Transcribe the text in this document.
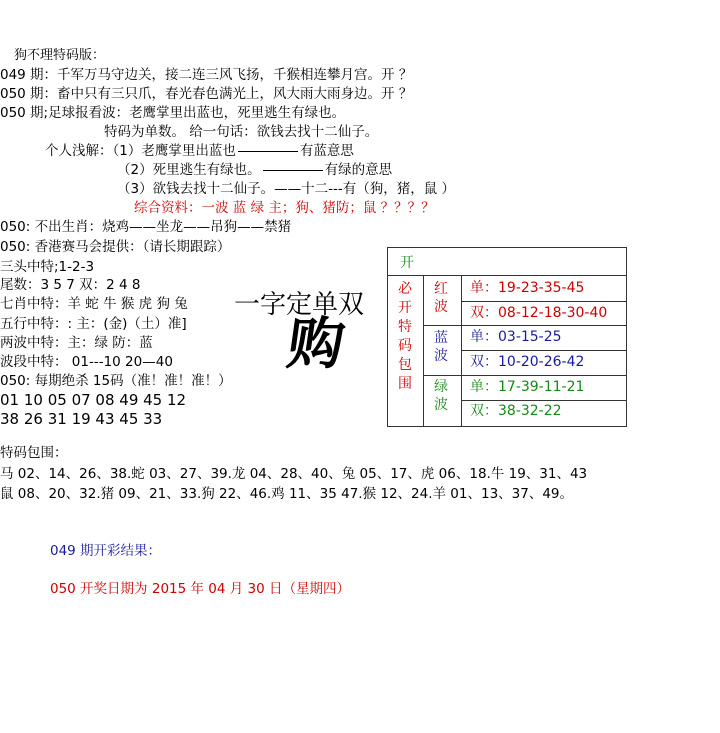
狗不理特码版：
049 期：千军万马守边关，接二连三风飞扬，千猴相连攀月宫。开 ？
050 期：畜中只有三只爪，春光春色满光上，风大雨大雨身边。开 ？
050 期;足球报看波：老鹰掌里出蓝也，死里逃生有绿也。
特码为单数。 给一句话：欲钱去找十二仙子。
个人浅解：（1）老鹰掌里出蓝也	有蓝意思
（2）死里逃生有绿也。	有绿的意思
（3）欲钱去找十二仙子。——十二---有（狗，猪，鼠 ）
综合资料：一波 蓝 绿 主；狗、猪防；鼠 ？？？？
050: 不出生肖：烧鸡——坐龙——吊狗——禁猪
050: 香港赛马会提供：（请长期跟踪）
三头中特;1-2-3
尾数：3 5 7 双：2 4 8
七肖中特：羊 蛇 牛 猴 虎 狗 兔
五行中特：: 主：(金)（土）准]
两波中特：主：绿 防：蓝
波段中特： 01---10 20—40
050: 每期绝杀 15码（准！准！准！）
01 10 05 07 08 49 45 12
38 26 31 19 43 45 33
一字定单双
购
开
必
开
特
码
包
围
红
波
蓝
波
绿
波
单：19-23-35-45
双：08-12-18-30-40
单：03-15-25
双：10-20-26-42
单：17-39-11-21
双：38-32-22
特码包围：
马 02、14、26、38.蛇 03、27、39.龙 04、28、40、兔 05、17、虎 06、18.牛 19、31、43
鼠 08、20、32.猪 09、21、33.狗 22、46.鸡 11、35 47.猴 12、24.羊 01、13、37、49。
049 期开彩结果：
050 开奖日期为 2015 年 04 月 30 日（星期四）
